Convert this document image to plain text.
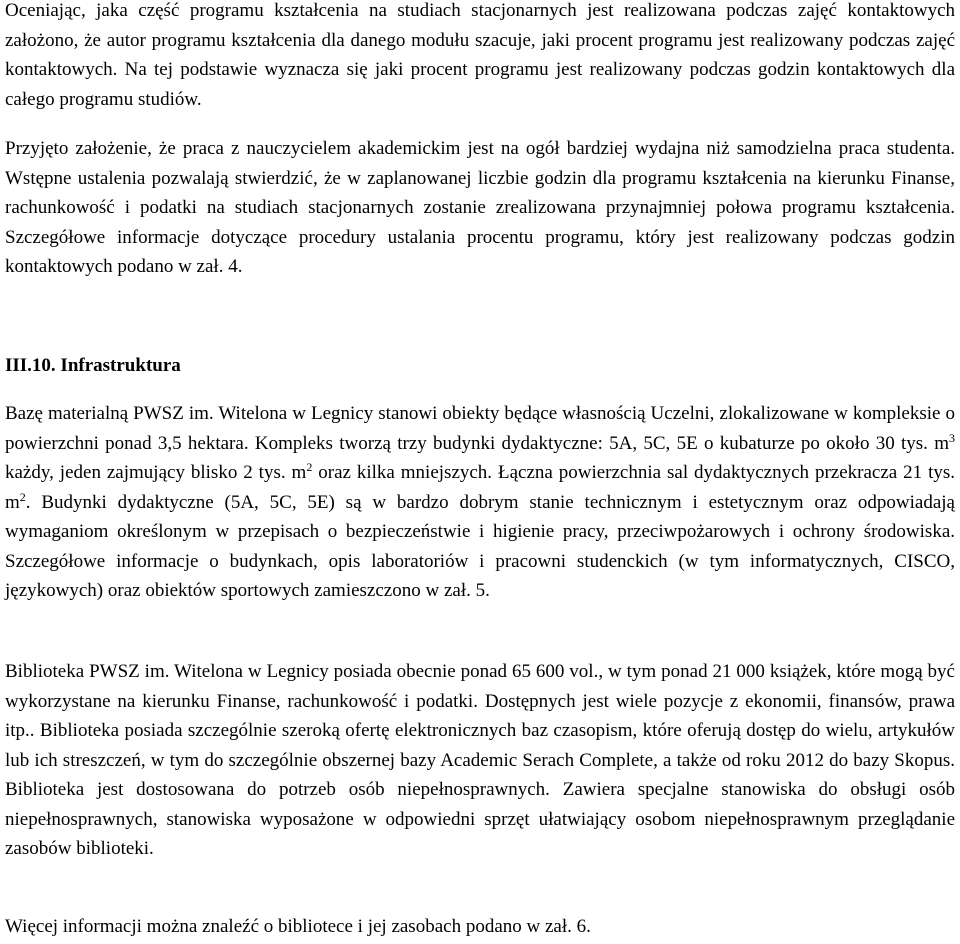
Oceniając, jaka część programu kształcenia na studiach stacjonarnych jest realizowana podczas zajęć kontaktowych założono, że autor programu kształcenia dla danego modułu szacuje, jaki procent programu jest realizowany podczas zajęć kontaktowych. Na tej podstawie wyznacza się jaki procent programu jest realizowany podczas godzin kontaktowych dla całego programu studiów.

Przyjęto założenie, że praca z nauczycielem akademickim jest na ogół bardziej wydajna niż samodzielna praca studenta. Wstępne ustalenia pozwalają stwierdzić, że w zaplanowanej liczbie godzin dla programu kształcenia na kierunku Finanse, rachunkowość i podatki na studiach stacjonarnych zostanie zrealizowana przynajmniej połowa programu kształcenia. Szczegółowe informacje dotyczące procedury ustalania procentu programu, który jest realizowany podczas godzin kontaktowych podano w zał. 4.

III.10. Infrastruktura

Bazę materialną PWSZ im. Witelona w Legnicy stanowi obiekty będące własnością Uczelni, zlokalizowane w kompleksie o powierzchni ponad 3,5 hektara. Kompleks tworzą trzy budynki dydaktyczne: 5A, 5C, 5E o kubaturze po około 30 tys. $m^3$ każdy, jeden zajmujący blisko 2 tys. $m^2$ oraz kilka mniejszych. Łączna powierzchnia sal dydaktycznych przekracza 21 tys. $m^2$. Budynki dydaktyczne (5A, 5C, 5E) są w bardzo dobrym stanie technicznym i estetycznym oraz odpowiadają wymaganiom określonym w przepisach o bezpieczeństwie i higienie pracy, przeciwpożarowych i ochrony środowiska. Szczegółowe informacje o budynkach, opis laboratoriów i pracowni studenckich (w tym informatycznych, CISCO, językowych) oraz obiektów sportowych zamieszczono w zał. 5.

Biblioteka PWSZ im. Witelona w Legnicy posiada obecnie ponad 65 600 vol., w tym ponad 21 000 książek, które mogą być wykorzystane na kierunku Finanse, rachunkowość i podatki. Dostępnych jest wiele pozycje z ekonomii, finansów, prawa itp.. Biblioteka posiada szczególnie szeroką ofertę elektronicznych baz czasopism, które oferują dostęp do wielu, artykułów lub ich streszczeń, w tym do szczególnie obszernej bazy Academic Serach Complete, a także od roku 2012 do bazy Skopus. Biblioteka jest dostosowana do potrzeb osób niepełnosprawnych. Zawiera specjalne stanowiska do obsługi osób niepełnosprawnych, stanowiska wyposażone w odpowiedni sprzęt ułatwiający osobom niepełnosprawnym przeglądanie zasobów biblioteki.

Więcej informacji można znaleźć o bibliotece i jej zasobach podano w zał. 6.
